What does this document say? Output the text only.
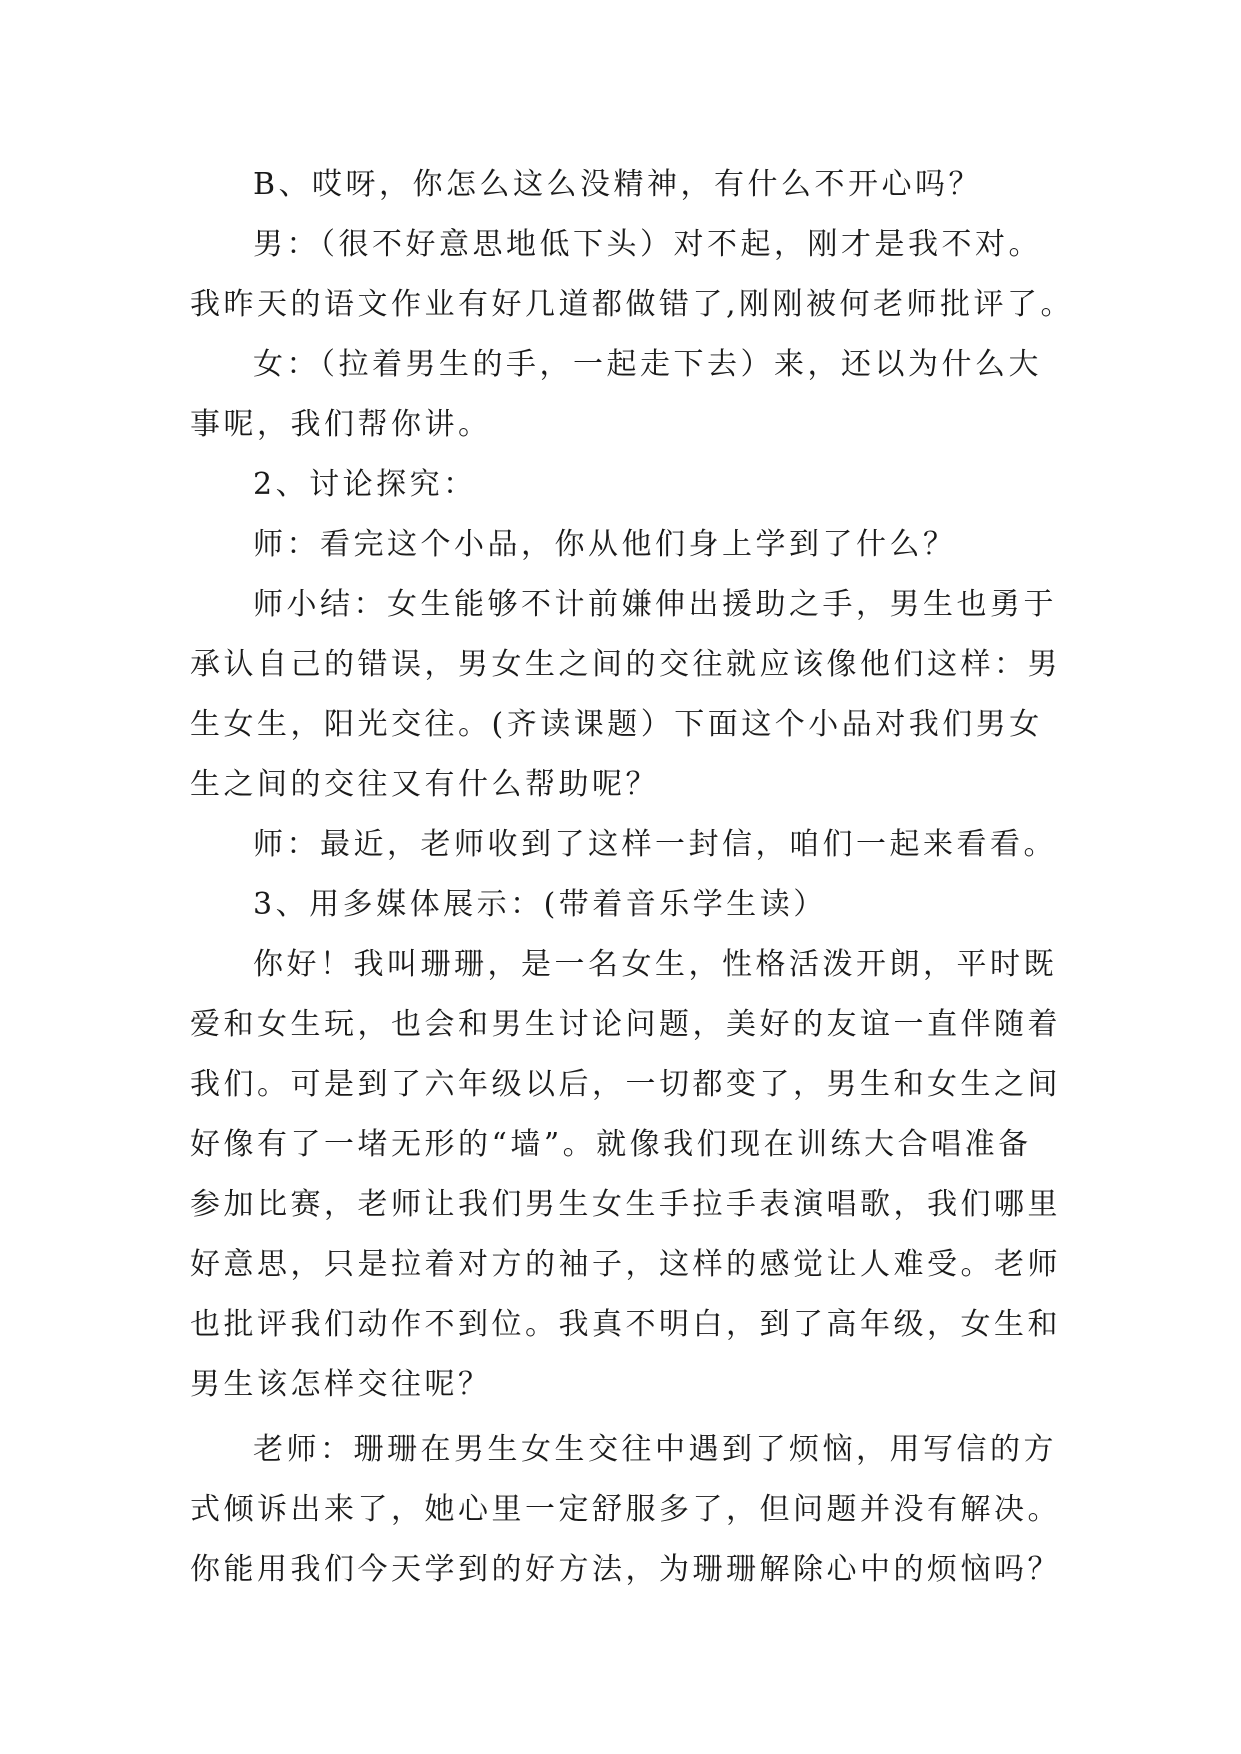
B、哎呀，你怎么这么没精神，有什么不开心吗？
男：（很不好意思地低下头）对不起，刚才是我不对。
我昨天的语文作业有好几道都做错了,刚刚被何老师批评了。
女：（拉着男生的手，一起走下去）来，还以为什么大
事呢，我们帮你讲。
2、讨论探究：
师：看完这个小品，你从他们身上学到了什么？
师小结：女生能够不计前嫌伸出援助之手，男生也勇于
承认自己的错误，男女生之间的交往就应该像他们这样：男
生女生，阳光交往。(齐读课题）下面这个小品对我们男女
生之间的交往又有什么帮助呢？
师：最近，老师收到了这样一封信，咱们一起来看看。
3、用多媒体展示：(带着音乐学生读）
你好！我叫珊珊，是一名女生，性格活泼开朗，平时既
爱和女生玩，也会和男生讨论问题，美好的友谊一直伴随着
我们。可是到了六年级以后，一切都变了，男生和女生之间
好像有了一堵无形的“墙”。就像我们现在训练大合唱准备
参加比赛，老师让我们男生女生手拉手表演唱歌，我们哪里
好意思，只是拉着对方的袖子，这样的感觉让人难受。老师
也批评我们动作不到位。我真不明白，到了高年级，女生和
男生该怎样交往呢？
老师：珊珊在男生女生交往中遇到了烦恼，用写信的方
式倾诉出来了，她心里一定舒服多了，但问题并没有解决。
你能用我们今天学到的好方法，为珊珊解除心中的烦恼吗？
